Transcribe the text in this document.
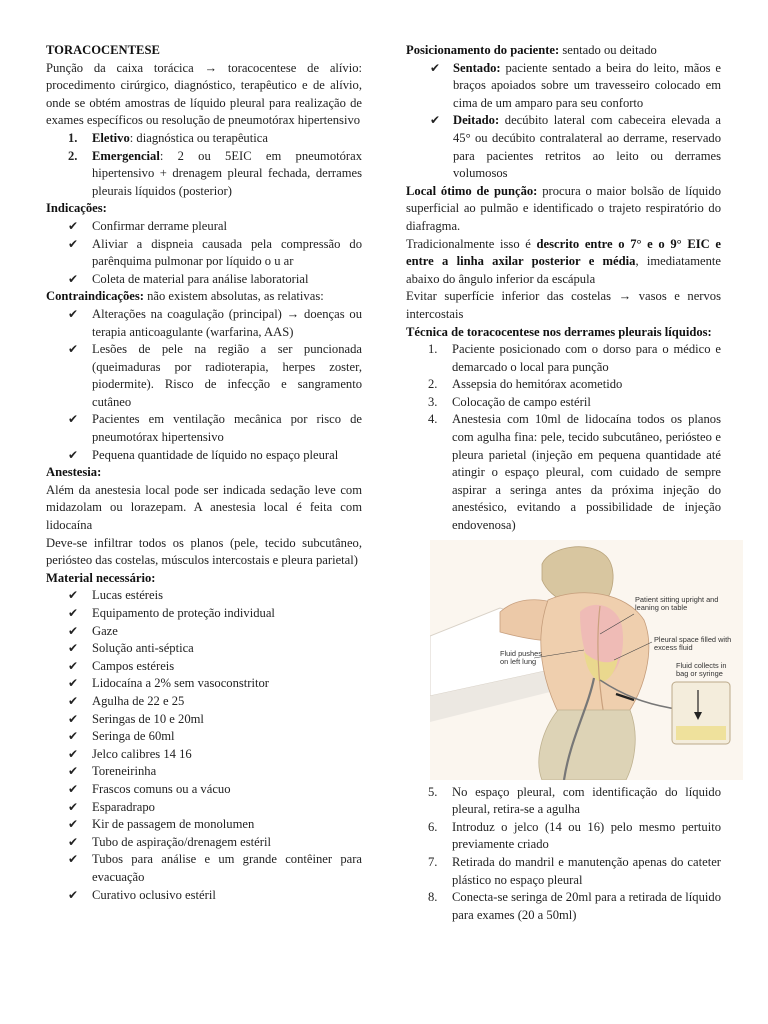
TORACOCENTESE

Punção da caixa torácica → toracocentese de alívio: procedimento cirúrgico, diagnóstico, terapêutico e de alívio, onde se obtém amostras de líquido pleural para realização de exames específicos ou resolução de pneumotórax hipertensivo

1. Eletivo: diagnóstica ou terapêutica
2. Emergencial: 2 ou 5EIC em pneumotórax hipertensivo + drenagem pleural fechada, derrames pleurais líquidos (posterior)

Indicações:

✔ Confirmar derrame pleural
✔ Aliviar a dispneia causada pela compressão do parênquima pulmonar por líquido o u ar
✔ Coleta de material para análise laboratorial

Contraindicações: não existem absolutas, as relativas:

✔ Alterações na coagulação (principal) → doenças ou terapia anticoagulante (warfarina, AAS)
✔ Lesões de pele na região a ser puncionada (queimaduras por radioterapia, herpes zoster, piodermite). Risco de infecção e sangramento cutâneo
✔ Pacientes em ventilação mecânica por risco de pneumotórax hipertensivo
✔ Pequena quantidade de líquido no espaço pleural

Anestesia:

Além da anestesia local pode ser indicada sedação leve com midazolam ou lorazepam. A anestesia local é feita com lidocaína

Deve-se infiltrar todos os planos (pele, tecido subcutâneo, periósteo das costelas, músculos intercostais e pleura parietal)

Material necessário:

✔ Lucas estéreis
✔ Equipamento de proteção individual
✔ Gaze
✔ Solução anti-séptica
✔ Campos estéreis
✔ Lidocaína a 2% sem vasoconstritor
✔ Agulha de 22 e 25
✔ Seringas de 10 e 20ml
✔ Seringa de 60ml
✔ Jelco calibres 14 16
✔ Toreneirinha
✔ Frascos comuns ou a vácuo
✔ Esparadrapo
✔ Kir de passagem de monolumen
✔ Tubo de aspiração/drenagem estéril
✔ Tubos para análise e um grande contêiner para evacuação
✔ Curativo oclusivo estéril

Posicionamento do paciente: sentado ou deitado

✔ Sentado: paciente sentado a beira do leito, mãos e braços apoiados sobre um travesseiro colocado em cima de um amparo para seu conforto
✔ Deitado: decúbito lateral com cabeceira elevada a 45° ou decúbito contralateral ao derrame, reservado para pacientes retritos ao leito ou derrames volumosos

Local ótimo de punção: procura o maior bolsão de líquido superficial ao pulmão e identificado o trajeto respiratório do diafragma.

Tradicionalmente isso é descrito entre o 7° e o 9° EIC e entre a linha axilar posterior e média, imediatamente abaixo do ângulo inferior da escápula

Evitar superfície inferior das costelas → vasos e nervos intercostais

Técnica de toracocentese nos derrames pleurais líquidos:

1. Paciente posicionado com o dorso para o médico e demarcado o local para punção
2. Assepsia do hemitórax acometido
3. Colocação de campo estéril
4. Anestesia com 10ml de lidocaína todos os planos com agulha fina: pele, tecido subcutâneo, periósteo e pleura parietal (injeção em pequena quantidade até atingir o espaço pleural, com cuidado de sempre aspirar a seringa antes da próxima injeção do anestésico, evitando a possibilidade de injeção endovenosa)
Patient sitting upright and leaning on table
Pleural space filled with excess fluid
Fluid pushes on left lung	Fluid collects in bag or syringe
5. No espaço pleural, com identificação do líquido pleural, retira-se a agulha
6. Introduz o jelco (14 ou 16) pelo mesmo pertuito previamente criado
7. Retirada do mandril e manutenção apenas do cateter plástico no espaço pleural
8. Conecta-se seringa de 20ml para a retirada de líquido para exames (20 a 50ml)
